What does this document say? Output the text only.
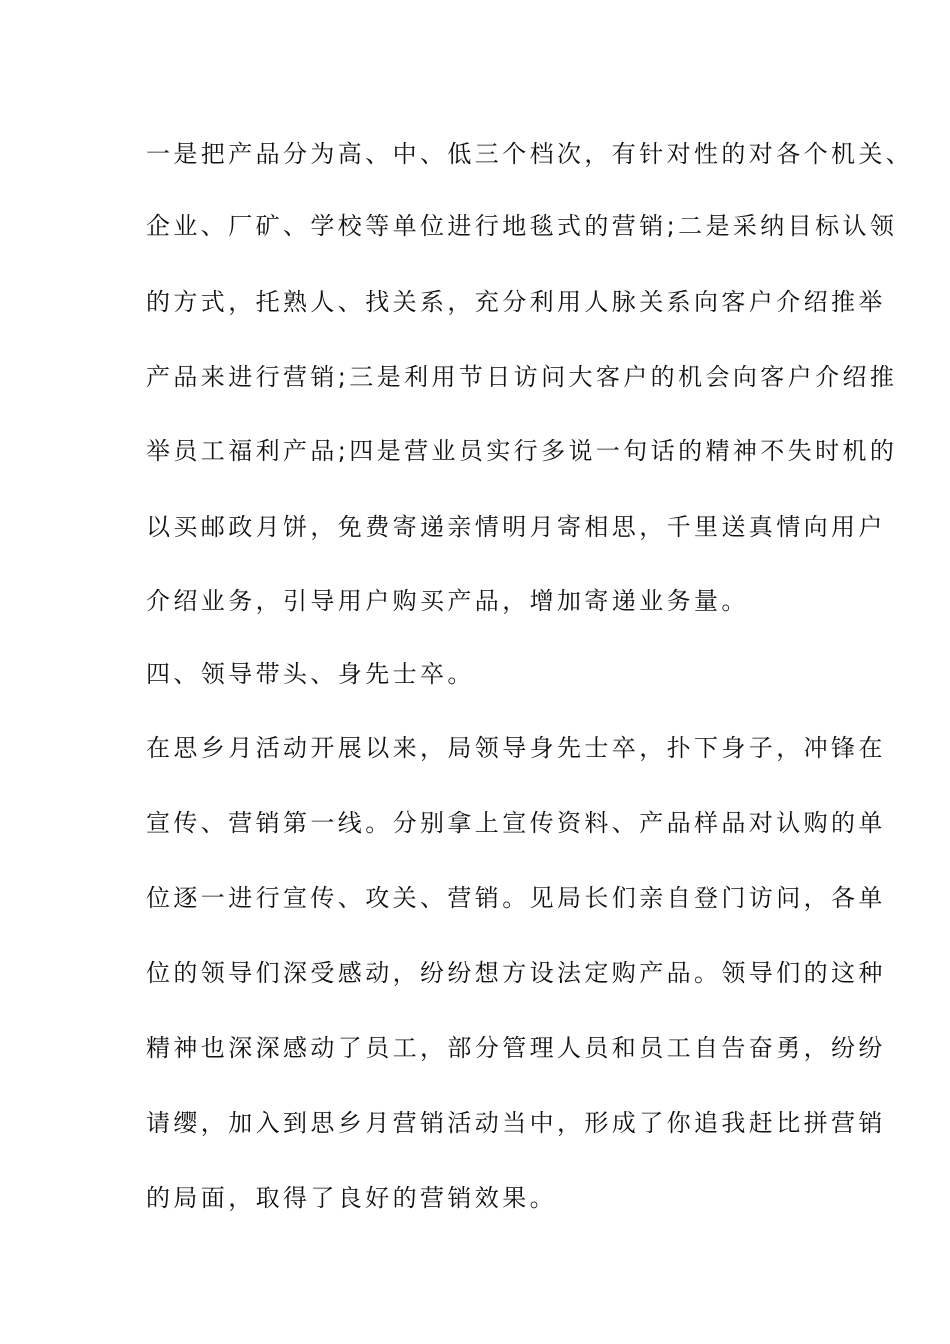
一是把产品分为高、中、低三个档次，有针对性的对各个机关、
企业、厂矿、学校等单位进行地毯式的营销;二是采纳目标认领
的方式，托熟人、找关系，充分利用人脉关系向客户介绍推举
产品来进行营销;三是利用节日访问大客户的机会向客户介绍推
举员工福利产品;四是营业员实行多说一句话的精神不失时机的
以买邮政月饼，免费寄递亲情明月寄相思，千里送真情向用户
介绍业务，引导用户购买产品，增加寄递业务量。
四、领导带头、身先士卒。
在思乡月活动开展以来，局领导身先士卒，扑下身子，冲锋在
宣传、营销第一线。分别拿上宣传资料、产品样品对认购的单
位逐一进行宣传、攻关、营销。见局长们亲自登门访问，各单
位的领导们深受感动，纷纷想方设法定购产品。领导们的这种
精神也深深感动了员工，部分管理人员和员工自告奋勇，纷纷
请缨，加入到思乡月营销活动当中，形成了你追我赶比拼营销
的局面，取得了良好的营销效果。
